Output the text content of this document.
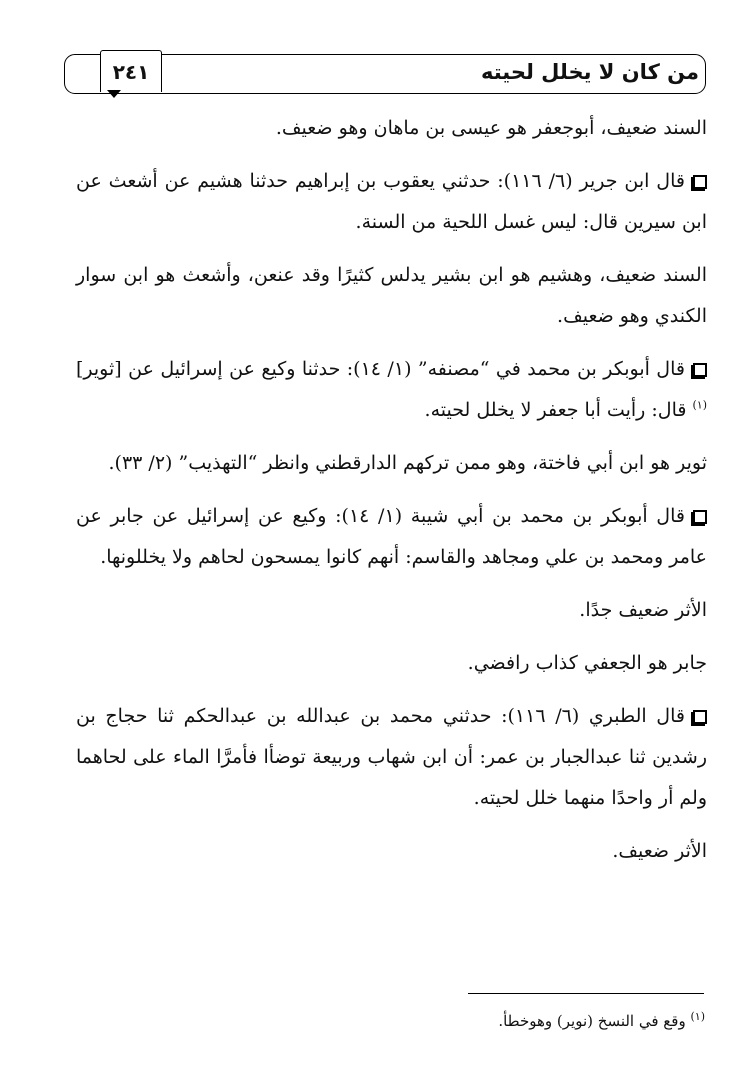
٢٤١	من كان لا يخلل لحيته

السند ضعيف، أبوجعفر هو عيسى بن ماهان وهو ضعيف.

قال ابن جرير (٦/ ١١٦): حدثني يعقوب بن إبراهيم حدثنا هشيم عن أشعث عن ابن سيرين قال: ليس غسل اللحية من السنة.

السند ضعيف، وهشيم هو ابن بشير يدلس كثيرًا وقد عنعن، وأشعث هو ابن سوار الكندي وهو ضعيف.

قال أبوبكر بن محمد في “مصنفه” (١/ ١٤): حدثنا وكيع عن إسرائيل عن [ثوير]$^{(١)}$ قال: رأيت أبا جعفر لا يخلل لحيته.

ثوير هو ابن أبي فاختة، وهو ممن تركهم الدارقطني وانظر “التهذيب” (٢/ ٣٣).

قال أبوبكر بن محمد بن أبي شيبة (١/ ١٤): وكيع عن إسرائيل عن جابر عن عامر ومحمد بن علي ومجاهد والقاسم: أنهم كانوا يمسحون لحاهم ولا يخللونها.

الأثر ضعيف جدًا.

جابر هو الجعفي كذاب رافضي.

قال الطبري (٦/ ١١٦): حدثني محمد بن عبدالله بن عبدالحكم ثنا حجاج بن رشدين ثنا عبدالجبار بن عمر: أن ابن شهاب وربيعة توضأا فأمرَّا الماء على لحاهما ولم أر واحدًا منهما خلل لحيته.

الأثر ضعيف.

$^{(١)}$ وقع في النسخ (نوير) وهوخطأ.
